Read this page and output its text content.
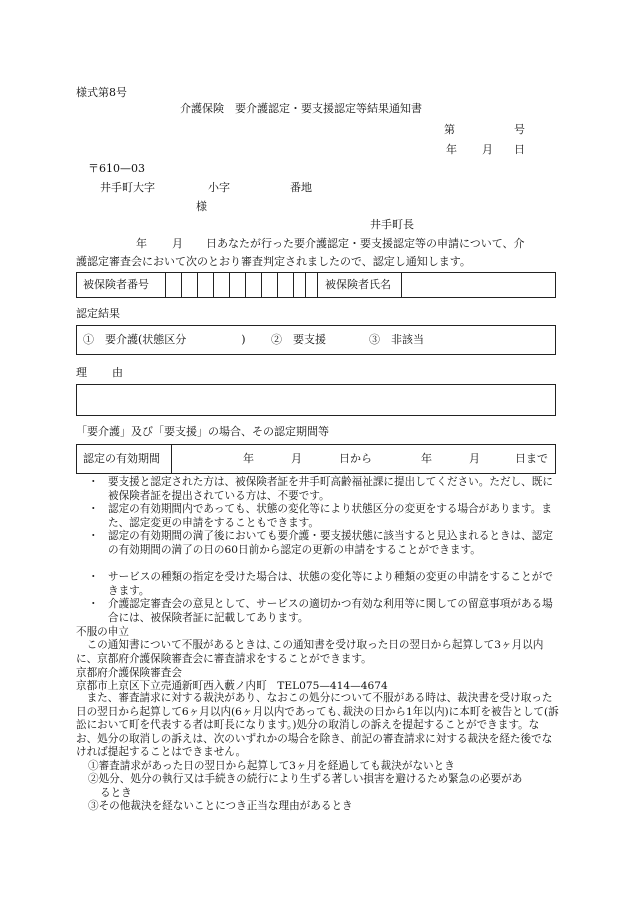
様式第8号
介護保険　要介護認定・要支援認定等結果通知書
第	号
年 月 日
〒610—03
井手町大字	小字	番地
様
井手町長
年 月 日あなたが行った要介護認定・要支援認定等の申請について、介
護認定審査会において次のとおり審査判定されましたので、認定し通知します。
被保険者番号	被保険者氏名
認定結果
①　要介護(状態区分　　　　　) ②　要支援	③　非該当
理 由
「要介護」及び「要支援」の場合、その認定期間等
認定の有効期間	年	月	日から	年	月	日まで
・ 要支援と認定された方は、被保険者証を井手町高齢福祉課に提出してください。ただし、既に被保険者証を提出されている方は、不要です。

・ 認定の有効期間内であっても、状態の変化等により状態区分の変更をする場合があります。また、認定変更の申請をすることもできます。

・ 認定の有効期間の満了後においても要介護・要支援状態に該当すると見込まれるときは、認定の有効期間の満了の日の60日前から認定の更新の申請をすることができます。

・ サービスの種類の指定を受けた場合は、状態の変化等により種類の変更の申請をすることができます。

・ 介護認定審査会の意見として、サービスの適切かつ有効な利用等に関しての留意事項がある場合には、被保険者証に記載してあります。

不服の申立

この通知書について不服があるときは､この通知書を受け取った日の翌日から起算して3ヶ月以内に、京都府介護保険審査会に審査請求をすることができます。

京都府介護保険審査会
京都市上京区下立売通新町西入藪ノ内町　TEL075—414—4674

また、審査請求に対する裁決があり、なおこの処分について不服がある時は、裁決書を受け取った日の翌日から起算して6ヶ月以内(6ヶ月以内であっても､裁決の日から1年以内)に本町を被告として(訴訟において町を代表する者は町長になります。)処分の取消しの訴えを提起することができます。なお、処分の取消しの訴えは、次のいずれかの場合を除き、前記の審査請求に対する裁決を経た後でなければ提起することはできません。

①審査請求があった日の翌日から起算して3ヶ月を経過しても裁決がないとき

②処分、処分の執行又は手続きの続行により生ずる著しい損害を避けるため緊急の必要があるとき

③その他裁決を経ないことにつき正当な理由があるとき
